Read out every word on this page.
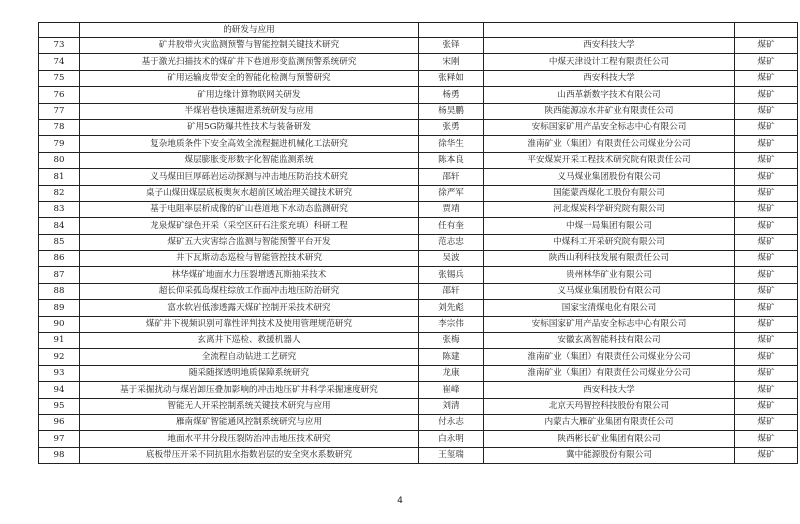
	的研发与应用			
73	矿井胶带火灾监测预警与智能控制关键技术研究	张铎	西安科技大学	煤矿
74	基于激光扫描技术的煤矿井下巷道形变监测预警系统研究	宋刚	中煤天津设计工程有限责任公司	煤矿
75	矿用运输皮带安全的智能化检测与预警研究	张释如	西安科技大学	煤矿
76	矿用边缘计算物联网关研发	杨勇	山西革新数字技术有限公司	煤矿
77	半煤岩巷快速掘进系统研发与应用	杨昊鹏	陕西能源凉水井矿业有限责任公司	煤矿
78	矿用5G防爆共性技术与装备研发	张勇	安标国家矿用产品安全标志中心有限公司	煤矿
79	复杂地质条件下安全高效全流程掘进机械化工法研究	徐华生	淮南矿业（集团）有限责任公司煤业分公司	煤矿
80	煤层膨胀变形数字化智能监测系统	陈本良	平安煤炭开采工程技术研究院有限责任公司	煤矿
81	义马煤田巨厚砾岩运动探测与冲击地压防治技术研究	邵轩	义马煤业集团股份有限公司	煤矿
82	桌子山煤田煤层底板奥灰水超前区域治理关键技术研究	徐严军	国能蒙西煤化工股份有限公司	煤矿
83	基于电阻率层析成像的矿山巷道地下水动态监测研究	贾靖	河北煤炭科学研究院有限公司	煤矿
84	龙泉煤矿绿色开采（采空区矸石注浆充填）科研工程	任有奎	中煤一局集团有限公司	煤矿
85	煤矿五大灾害综合监测与智能预警平台开发	范志忠	中煤科工开采研究院有限公司	煤矿
86	井下瓦斯动态巡检与智能管控技术研究	吴波	陕西山利科技发展有限责任公司	煤矿
87	林华煤矿地面水力压裂增透瓦斯抽采技术	张锡兵	贵州林华矿业有限公司	煤矿
88	超长仰采孤岛煤柱综放工作面冲击地压防治研究	邵轩	义马煤业集团股份有限公司	煤矿
89	富水软岩低渗透露天煤矿控制开采技术研究	刘先彪	国家宝清煤电化有限公司	煤矿
90	煤矿井下视频识别可靠性评判技术及使用管理规范研究	李宗伟	安标国家矿用产品安全标志中心有限公司	煤矿
91	玄离井下巡检、救援机器人	张梅	安徽玄离智能科技有限公司	煤矿
92	全流程自动钻进工艺研究	陈建	淮南矿业（集团）有限责任公司煤业分公司	煤矿
93	随采随探透明地质保障系统研究	龙康	淮南矿业（集团）有限责任公司煤业分公司	煤矿
94	基于采掘扰动与煤岩卸压叠加影响的冲击地压矿井科学采掘速度研究	崔峰	西安科技大学	煤矿
95	智能无人开采控制系统关键技术研究与应用	刘清	北京天玛智控科技股份有限公司	煤矿
96	雁南煤矿智能通风控制系统研究与应用	付永志	内蒙古大雁矿业集团有限责任公司	煤矿
97	地面水平井分段压裂防治冲击地压技术研究	白永明	陕西彬长矿业集团有限公司	煤矿
98	底板带压开采不同抗阻水指数岩层的安全突水系数研究	王玺瑞	冀中能源股份有限公司	煤矿
4
